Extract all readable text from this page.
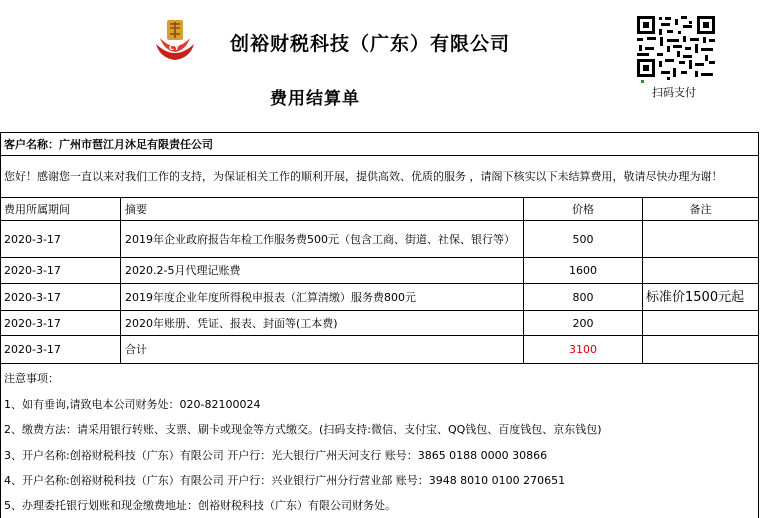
CY	创裕财税科技（广东）有限公司
费用结算单	扫码支付
客户名称：广州市琶江月沐足有限责任公司
您好！感谢您一直以来对我们工作的支持，为保证相关工作的顺利开展，提供高效、优质的服务 ，请阁下核实以下未结算费用，敬请尽快办理为谢！
费用所属期间	摘要	价格	备注
2020-3-17	2019年企业政府报告年检工作服务费500元（包含工商、街道、社保、银行等）	500
2020-3-17	2020.2-5月代理记账费	1600
2020-3-17	2019年度企业年度所得税申报表（汇算清缴）服务费800元	800	标准价1500元起
2020-3-17	2020年账册、凭证、报表、封面等(工本费)	200
2020-3-17	合计	3100
注意事项：
1、如有垂询,请致电本公司财务处：020-82100024
2、缴费方法：请采用银行转账、支票、刷卡或现金等方式缴交。(扫码支持:微信、支付宝、QQ钱包、百度钱包、京东钱包)
3、开户名称:创裕财税科技（广东）有限公司 开户行：光大银行广州天河支行 账号：3865 0188 0000 30866
4、开户名称:创裕财税科技（广东）有限公司 开户行：兴业银行广州分行营业部 账号：3948 8010 0100 270651
5、办理委托银行划账和现金缴费地址：创裕财税科技（广东）有限公司财务处。
